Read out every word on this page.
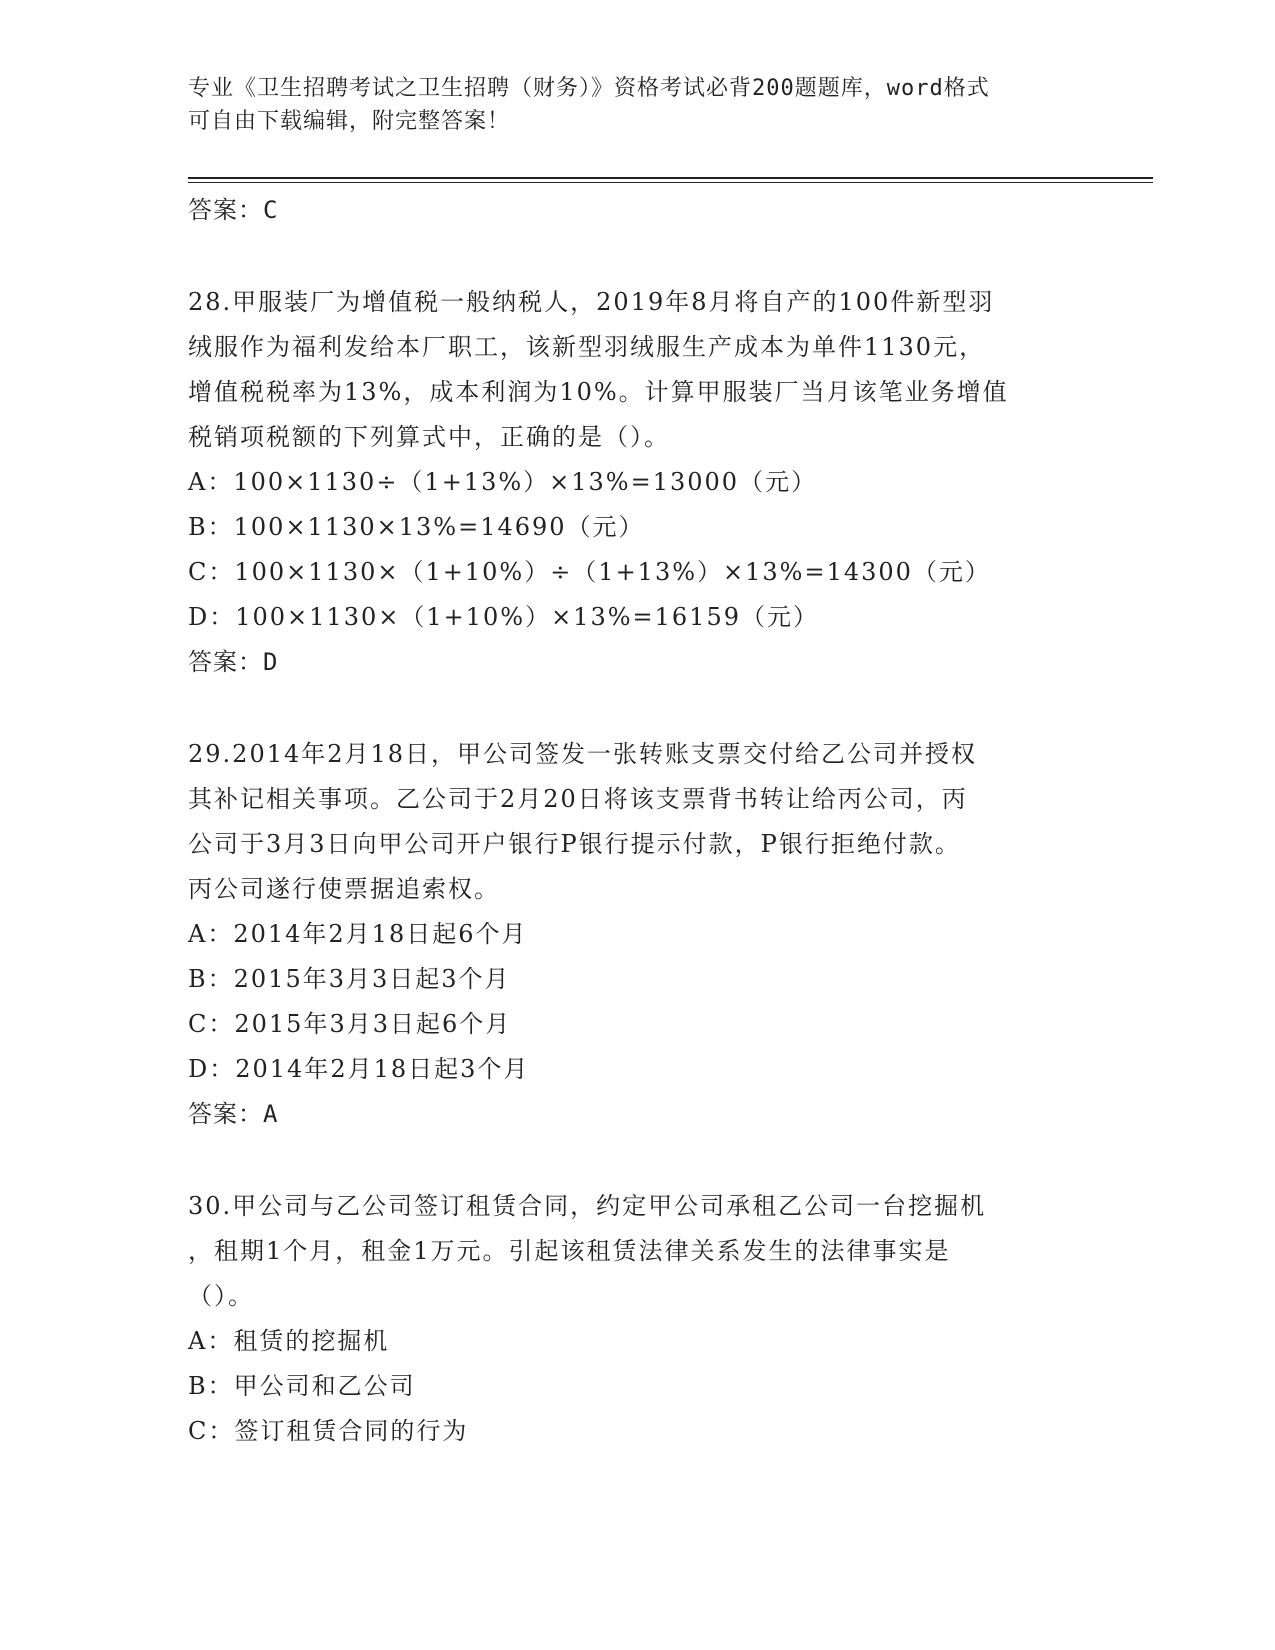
专业《卫生招聘考试之卫生招聘（财务）》资格考试必背200题题库，word格式
可自由下载编辑，附完整答案！
答案：C
28.甲服装厂为增值税一般纳税人，2019年8月将自产的100件新型羽
绒服作为福利发给本厂职工，该新型羽绒服生产成本为单件1130元，
增值税税率为13%，成本利润为10%。计算甲服装厂当月该笔业务增值
税销项税额的下列算式中，正确的是（）。
A：100×1130÷（1+13%）×13%=13000（元）
B：100×1130×13%=14690（元）
C：100×1130×（1+10%）÷（1+13%）×13%=14300（元）
D：100×1130×（1+10%）×13%=16159（元）
答案：D
29.2014年2月18日，甲公司签发一张转账支票交付给乙公司并授权
其补记相关事项。乙公司于2月20日将该支票背书转让给丙公司，丙
公司于3月3日向甲公司开户银行P银行提示付款，P银行拒绝付款。
丙公司遂行使票据追索权。
A：2014年2月18日起6个月
B：2015年3月3日起3个月
C：2015年3月3日起6个月
D：2014年2月18日起3个月
答案：A
30.甲公司与乙公司签订租赁合同，约定甲公司承租乙公司一台挖掘机
，租期1个月，租金1万元。引起该租赁法律关系发生的法律事实是
（）。
A：租赁的挖掘机
B：甲公司和乙公司
C：签订租赁合同的行为
